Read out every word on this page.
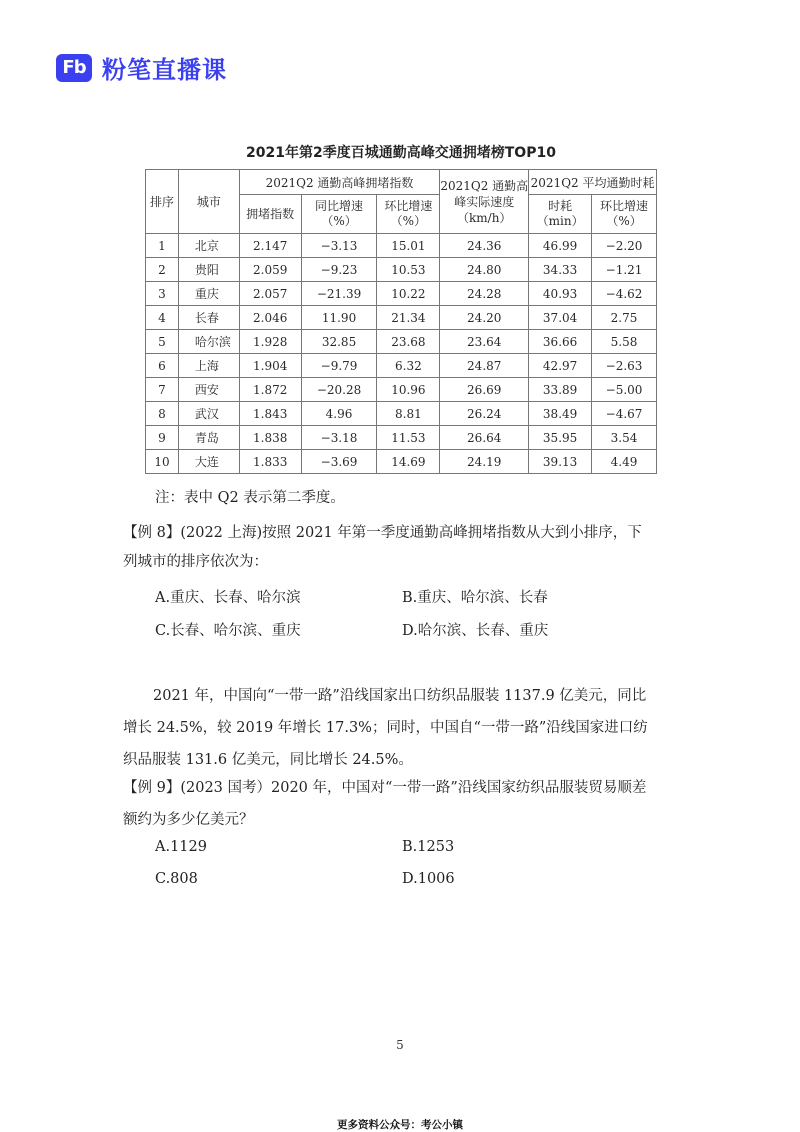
Fb 粉笔直播课
2021年第2季度百城通勤高峰交通拥堵榜TOP10
排序	城市	2021Q2 通勤高峰拥堵指数			2021Q2 通勤高峰实际速度（km/h）	2021Q2 平均通勤时耗	
		拥堵指数	同比增速（%）	环比增速（%）		时耗（min）	环比增速（%）
1	北京	2.147	−3.13	15.01	24.36	46.99	−2.20
2	贵阳	2.059	−9.23	10.53	24.80	34.33	−1.21
3	重庆	2.057	−21.39	10.22	24.28	40.93	−4.62
4	长春	2.046	11.90	21.34	24.20	37.04	2.75
5	哈尔滨	1.928	32.85	23.68	23.64	36.66	5.58
6	上海	1.904	−9.79	6.32	24.87	42.97	−2.63
7	西安	1.872	−20.28	10.96	26.69	33.89	−5.00
8	武汉	1.843	4.96	8.81	26.24	38.49	−4.67
9	青岛	1.838	−3.18	11.53	26.64	35.95	3.54
10	大连	1.833	−3.69	14.69	24.19	39.13	4.49

注：表中 Q2 表示第二季度。

【例 8】(2022 上海)按照 2021 年第一季度通勤高峰拥堵指数从大到小排序，下列城市的排序依次为：

A.重庆、长春、哈尔滨	B.重庆、哈尔滨、长春
C.长春、哈尔滨、重庆	D.哈尔滨、长春、重庆

2021 年，中国向“一带一路”沿线国家出口纺织品服装 1137.9 亿美元，同比增长 24.5%，较 2019 年增长 17.3%；同时，中国自“一带一路”沿线国家进口纺织品服装 131.6 亿美元，同比增长 24.5%。

【例 9】(2023 国考）2020 年，中国对“一带一路”沿线国家纺织品服装贸易顺差额约为多少亿美元？

A.1129	B.1253
C.808	D.1006
5
更多资料公众号：考公小镇
